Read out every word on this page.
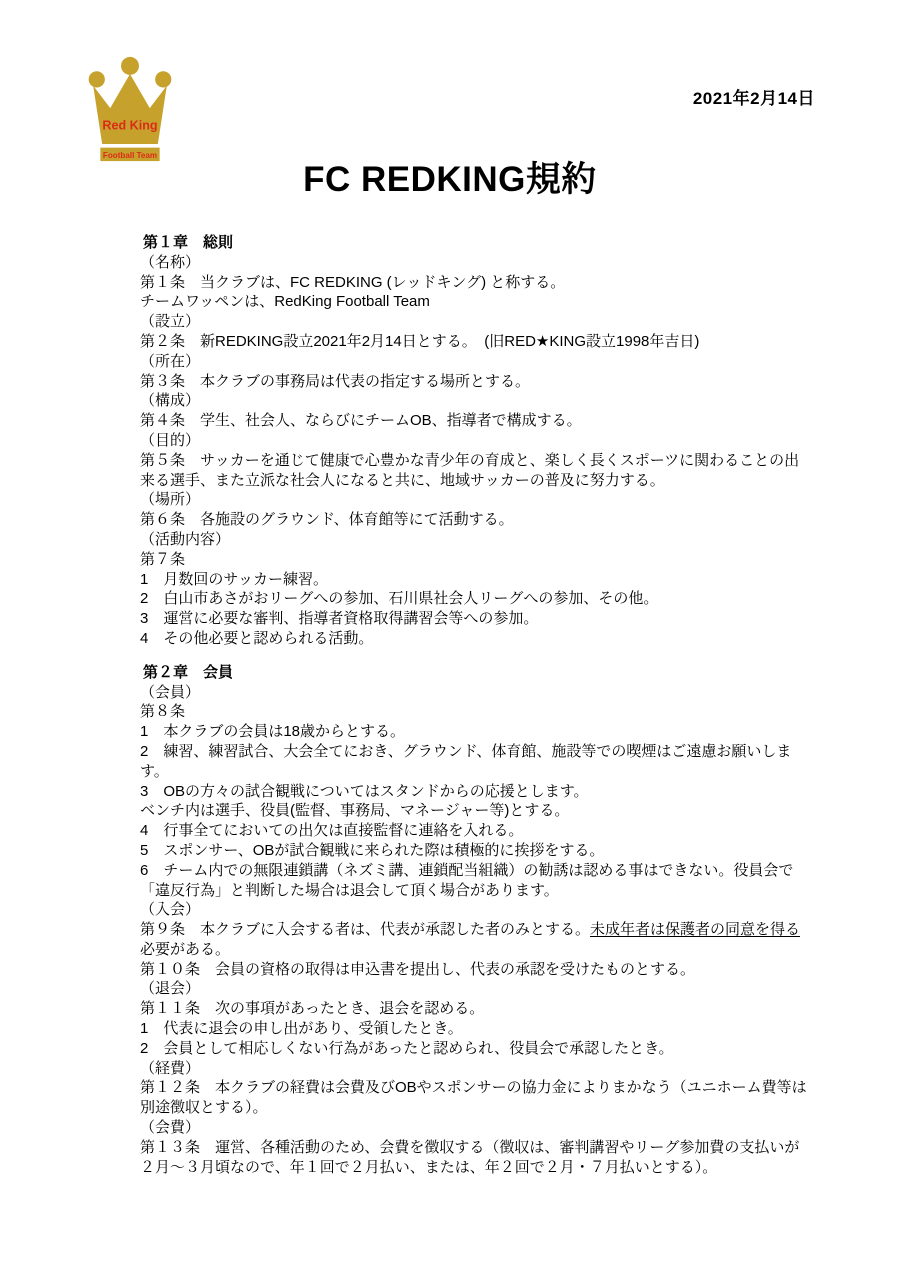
Red King
Football Team
2021年2月14日
FC REDKING規約
第１章　総則
（名称）
第１条　当クラブは、FC REDKING (レッドキング) と称する。
チームワッペンは、RedKing Football Team
（設立）
第２条　新REDKING設立2021年2月14日とする。　(旧RED★KING設立1998年吉日)
（所在）
第３条　本クラブの事務局は代表の指定する場所とする。
（構成）
第４条　学生、社会人、ならびにチームOB、指導者で構成する。
（目的）
第５条　サッカーを通じて健康で心豊かな青少年の育成と、楽しく長くスポーツに関わることの出
来る選手、また立派な社会人になると共に、地域サッカーの普及に努力する。
（場所）
第６条　各施設のグラウンド、体育館等にて活動する。
（活動内容）
第７条
1　月数回のサッカー練習。
2　白山市あさがおリーグへの参加、石川県社会人リーグへの参加、その他。
3　運営に必要な審判、指導者資格取得講習会等への参加。
4　その他必要と認められる活動。
第２章　会員
（会員）
第８条
1　本クラブの会員は18歳からとする。
2　練習、練習試合、大会全てにおき、グラウンド、体育館、施設等での喫煙はご遠慮お願いしま
す。
3　OBの方々の試合観戦についてはスタンドからの応援とします。
ベンチ内は選手、役員(監督、事務局、マネージャー等)とする。
4　行事全てにおいての出欠は直接監督に連絡を入れる。
5　スポンサー、OBが試合観戦に来られた際は積極的に挨拶をする。
6　チーム内での無限連鎖講（ネズミ講、連鎖配当組織）の勧誘は認める事はできない。役員会で
「違反行為」と判断した場合は退会して頂く場合があります。
（入会）
第９条　本クラブに入会する者は、代表が承認した者のみとする。未成年者は保護者の同意を得る
必要がある。
第１０条　会員の資格の取得は申込書を提出し、代表の承認を受けたものとする。
（退会）
第１１条　次の事項があったとき、退会を認める。
1　代表に退会の申し出があり、受領したとき。
2　会員として相応しくない行為があったと認められ、役員会で承認したとき。
（経費）
第１２条　本クラブの経費は会費及びOBやスポンサーの協力金によりまかなう（ユニホーム費等は
別途徴収とする）。
（会費）
第１３条　運営、各種活動のため、会費を徴収する（徴収は、審判講習やリーグ参加費の支払いが
２月～３月頃なので、年１回で２月払い、または、年２回で２月・７月払いとする）。
